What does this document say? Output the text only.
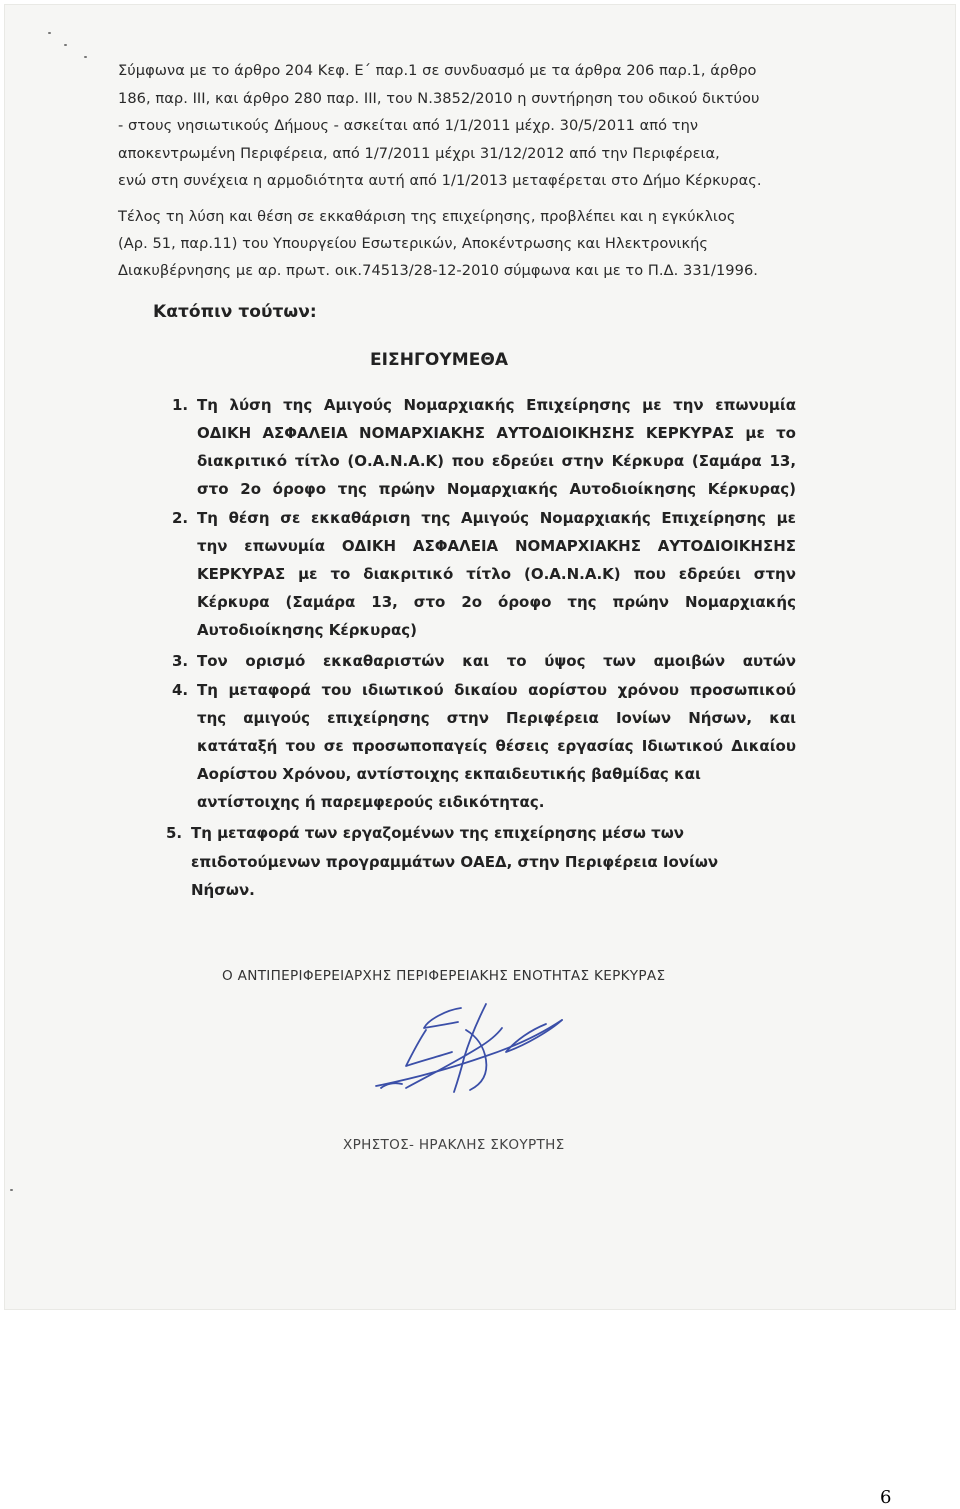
Σύμφωνα με το άρθρο 204 Κεφ. Ε΄ παρ.1 σε συνδυασμό με τα άρθρα 206 παρ.1, άρθρο
186, παρ. ΙΙΙ, και άρθρο 280 παρ. ΙΙΙ, του Ν.3852/2010 η συντήρηση του οδικού δικτύου
- στους νησιωτικούς Δήμους - ασκείται από 1/1/2011 μέχρ. 30/5/2011 από την
αποκεντρωμένη Περιφέρεια, από 1/7/2011 μέχρι 31/12/2012 από την Περιφέρεια,
ενώ στη συνέχεια η αρμοδιότητα αυτή από 1/1/2013 μεταφέρεται στο Δήμο Κέρκυρας.
Τέλος τη λύση και θέση σε εκκαθάριση της επιχείρησης, προβλέπει και η εγκύκλιος
(Αρ. 51, παρ.11) του Υπουργείου Εσωτερικών, Αποκέντρωσης και Ηλεκτρονικής
Διακυβέρνησης με αρ. πρωτ. οικ.74513/28-12-2010 σύμφωνα και με το Π.Δ. 331/1996.
Κατόπιν τούτων:
ΕΙΣΗΓΟΥΜΕΘΑ
1. Τη λύση της Αμιγούς Νομαρχιακής Επιχείρησης με την επωνυμία
ΟΔΙΚΗ ΑΣΦΑΛΕΙΑ ΝΟΜΑΡΧΙΑΚΗΣ ΑΥΤΟΔΙΟΙΚΗΣΗΣ ΚΕΡΚΥΡΑΣ με το
διακριτικό τίτλο (Ο.Α.Ν.Α.Κ) που εδρεύει στην Κέρκυρα (Σαμάρα 13,
στο 2ο όροφο της πρώην Νομαρχιακής Αυτοδιοίκησης Κέρκυρας)
2. Τη θέση σε εκκαθάριση της Αμιγούς Νομαρχιακής Επιχείρησης με
την επωνυμία ΟΔΙΚΗ ΑΣΦΑΛΕΙΑ ΝΟΜΑΡΧΙΑΚΗΣ ΑΥΤΟΔΙΟΙΚΗΣΗΣ
ΚΕΡΚΥΡΑΣ με το διακριτικό τίτλο (Ο.Α.Ν.Α.Κ) που εδρεύει στην
Κέρκυρα (Σαμάρα 13, στο 2ο όροφο της πρώην Νομαρχιακής
Αυτοδιοίκησης Κέρκυρας)
3. Τον ορισμό εκκαθαριστών και το ύψος των αμοιβών αυτών
4. Τη μεταφορά του ιδιωτικού δικαίου αορίστου χρόνου προσωπικού
της αμιγούς επιχείρησης στην Περιφέρεια Ιονίων Νήσων, και
κατάταξή του σε προσωποπαγείς θέσεις εργασίας Ιδιωτικού Δικαίου
Αορίστου Χρόνου, αντίστοιχης εκπαιδευτικής βαθμίδας και
αντίστοιχης ή παρεμφερούς ειδικότητας.
5. Τη μεταφορά των εργαζομένων της επιχείρησης μέσω των
επιδοτούμενων προγραμμάτων ΟΑΕΔ, στην Περιφέρεια Ιονίων
Νήσων.
Ο ΑΝΤΙΠΕΡΙΦΕΡΕΙΑΡΧΗΣ ΠΕΡΙΦΕΡΕΙΑΚΗΣ ΕΝΟΤΗΤΑΣ ΚΕΡΚΥΡΑΣ
ΧΡΗΣΤΟΣ- ΗΡΑΚΛΗΣ ΣΚΟΥΡΤΗΣ
6
